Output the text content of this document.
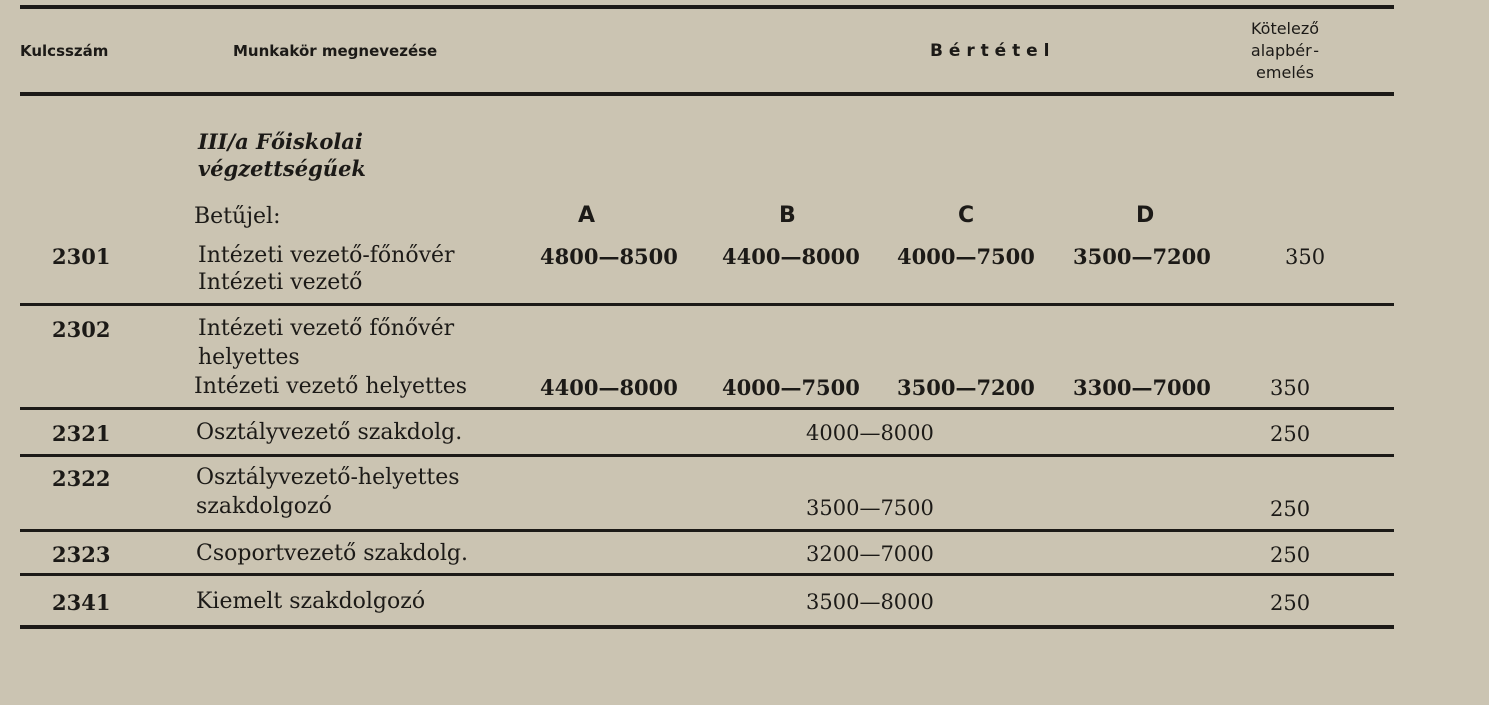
Kulcsszám	Munkakör megnevezése	B é r t é t e l
Kötelező
alapbér -
emelés
III/a Főiskolai
végzettségűek
Betűjel:	A	B	C	D
2301	Intézeti vezető-főnővér
Intézeti vezető
4800—8500 4400—8000 4000—7500 3500—7200	350
2302	Intézeti vezető főnővér
helyettes
Intézeti vezető helyettes	4400—8000 4000—7500 3500—7200 3300—7000	350
2321	Osztályvezető szakdolg.	4000—8000	250
2322	Osztályvezető-helyettes
szakdolgozó	3500—7500	250
2323	Csoportvezető szakdolg.	3200—7000	250
2341	Kiemelt szakdolgozó	3500—8000	250
